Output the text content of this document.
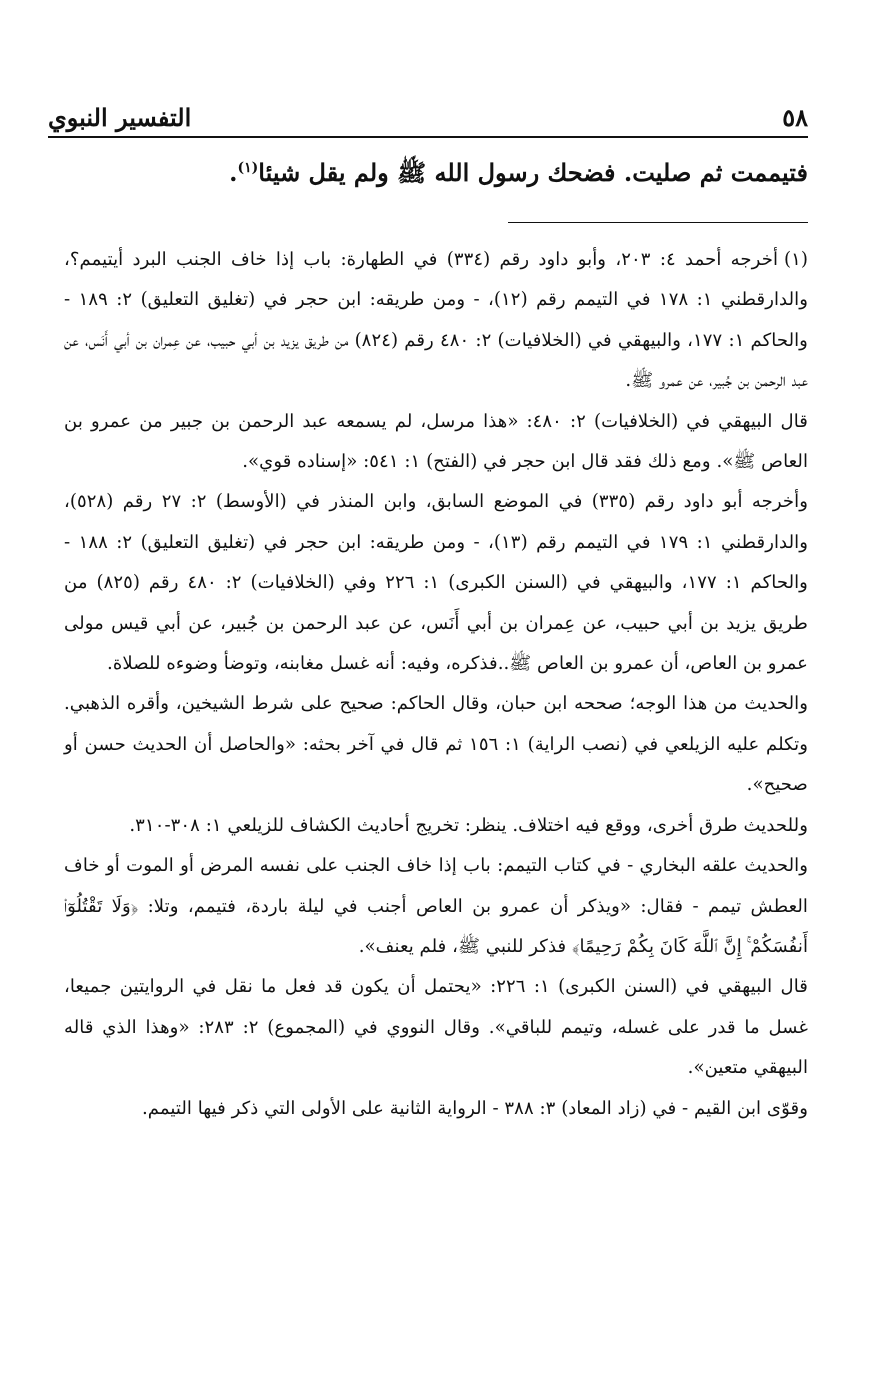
٥٨
التفسير النبوي
فتيممت ثم صليت. فضحك رسول الله ﷺ ولم يقل شيئا$^{(١)}$.

(١)أخرجه أحمد ٤: ٢٠٣، وأبو داود رقم (٣٣٤) في الطهارة: باب إذا خاف الجنب البرد أيتيمم؟، والدارقطني ١: ١٧٨ في التيمم رقم (١٢)، - ومن طريقه: ابن حجر في (تغليق التعليق) ٢: ١٨٩ - والحاكم ١: ١٧٧، والبيهقي في (الخلافيات) ٢: ٤٨٠ رقم (٨٢٤) من طريق يزيد بن أبي حبيب، عن عِمران بن أبي أَنَس، عن عبد الرحمن بن جُبير، عن عمرو ﷺ.

قال البيهقي في (الخلافيات) ٢: ٤٨٠: «هذا مرسل، لم يسمعه عبد الرحمن بن جبير من عمرو بن العاص ﷺ». ومع ذلك فقد قال ابن حجر في (الفتح) ١: ٥٤١: «إسناده قوي».

وأخرجه أبو داود رقم (٣٣٥) في الموضع السابق، وابن المنذر في (الأوسط) ٢: ٢٧ رقم (٥٢٨)، والدارقطني ١: ١٧٩ في التيمم رقم (١٣)، - ومن طريقه: ابن حجر في (تغليق التعليق) ٢: ١٨٨ - والحاكم ١: ١٧٧، والبيهقي في (السنن الكبرى) ١: ٢٢٦ وفي (الخلافيات) ٢: ٤٨٠ رقم (٨٢٥) من طريق يزيد بن أبي حبيب، عن عِمران بن أبي أَنَس، عن عبد الرحمن بن جُبير، عن أبي قيس مولى عمرو بن العاص، أن عمرو بن العاص ﷺ..فذكره، وفيه: أنه غسل مغابنه، وتوضأ وضوءه للصلاة.

والحديث من هذا الوجه؛ صححه ابن حبان، وقال الحاكم: صحيح على شرط الشيخين، وأقره الذهبي. وتكلم عليه الزيلعي في (نصب الراية) ١: ١٥٦ ثم قال في آخر بحثه: «والحاصل أن الحديث حسن أو صحيح».

وللحديث طرق أخرى، ووقع فيه اختلاف. ينظر: تخريج أحاديث الكشاف للزيلعي ١: ٣٠٨-٣١٠.

والحديث علقه البخاري - في كتاب التيمم: باب إذا خاف الجنب على نفسه المرض أو الموت أو خاف العطش تيمم - فقال: «ويذكر أن عمرو بن العاص أجنب في ليلة باردة، فتيمم، وتلا: ﴿وَلَا تَقْتُلُوٓا۟ أَنفُسَكُمْ ۚ إِنَّ ٱللَّهَ كَانَ بِكُمْ رَحِيمًا﴾ فذكر للنبي ﷺ، فلم يعنف».

قال البيهقي في (السنن الكبرى) ١: ٢٢٦: «يحتمل أن يكون قد فعل ما نقل في الروايتين جميعا، غسل ما قدر على غسله، وتيمم للباقي». وقال النووي في (المجموع) ٢: ٢٨٣: «وهذا الذي قاله البيهقي متعين».

وقوّى ابن القيم - في (زاد المعاد) ٣: ٣٨٨ - الرواية الثانية على الأولى التي ذكر فيها التيمم.
